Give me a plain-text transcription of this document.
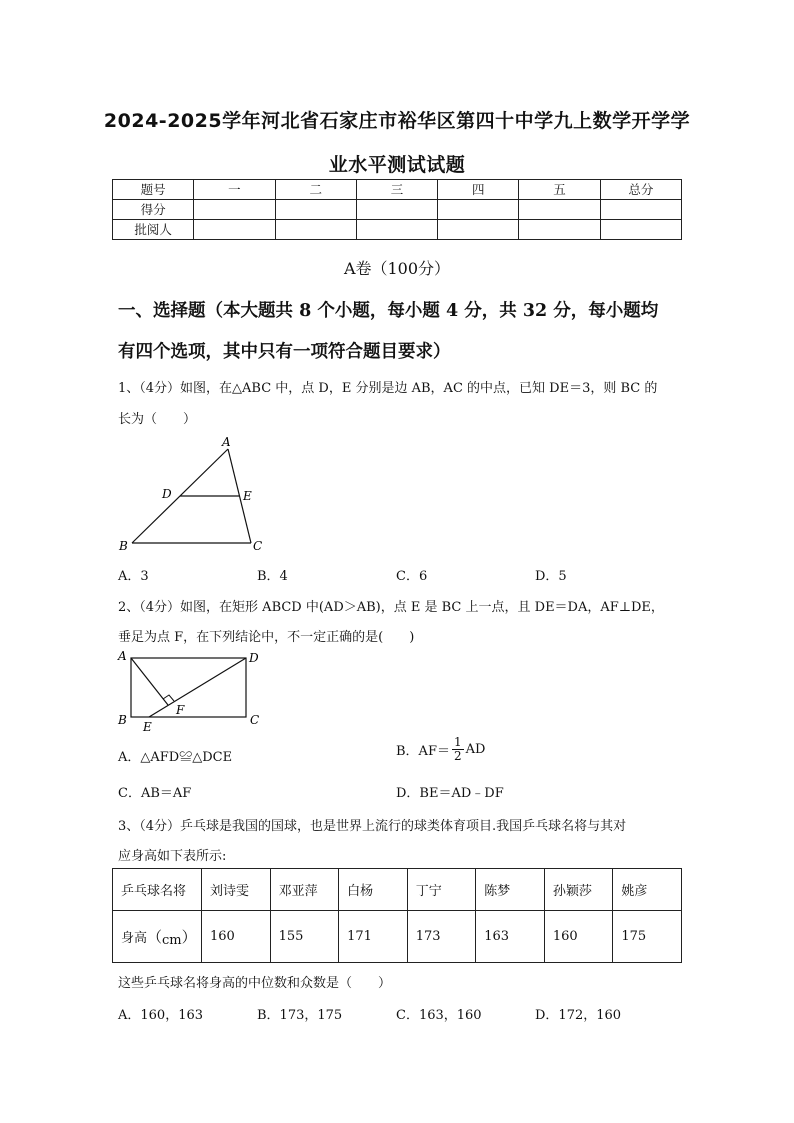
2024-2025学年河北省石家庄市裕华区第四十中学九上数学开学学
业水平测试试题
题号	一	二	三	四	五	总分
得分						
批阅人						
A卷（100分）
一、选择题（本大题共 8 个小题，每小题 4 分，共 32 分，每小题均
有四个选项，其中只有一项符合题目要求）
1、（4分）如图，在△ABC 中，点 D，E 分别是边 AB，AC 的中点，已知 DE＝3，则 BC 的
长为（　　）
A
D	E
B	C
A．3	B．4	C．6	D．5
2、（4分）如图，在矩形 ABCD 中(AD＞AB)，点 E 是 BC 上一点，且 DE＝DA，AF⊥DE，
垂足为点 F，在下列结论中，不一定正确的是(　　)
A	D
B E
F
C
A．△AFD≌△DCE	B．$AF= \frac{1}{2}$ AD
C．AB＝AF	D．BE＝AD﹣DF
3、（4分）乒乓球是我国的国球，也是世界上流行的球类体育项目.我国乒乓球名将与其对
应身高如下表所示:
乒乓球名将	刘诗雯	邓亚萍	白杨	丁宁	陈梦	孙颖莎	姚彦
身高（cm）	160	155	171	173	163	160	175
这些乒乓球名将身高的中位数和众数是（　　）
A．160，163	B．173，175	C．163，160	D．172，160
